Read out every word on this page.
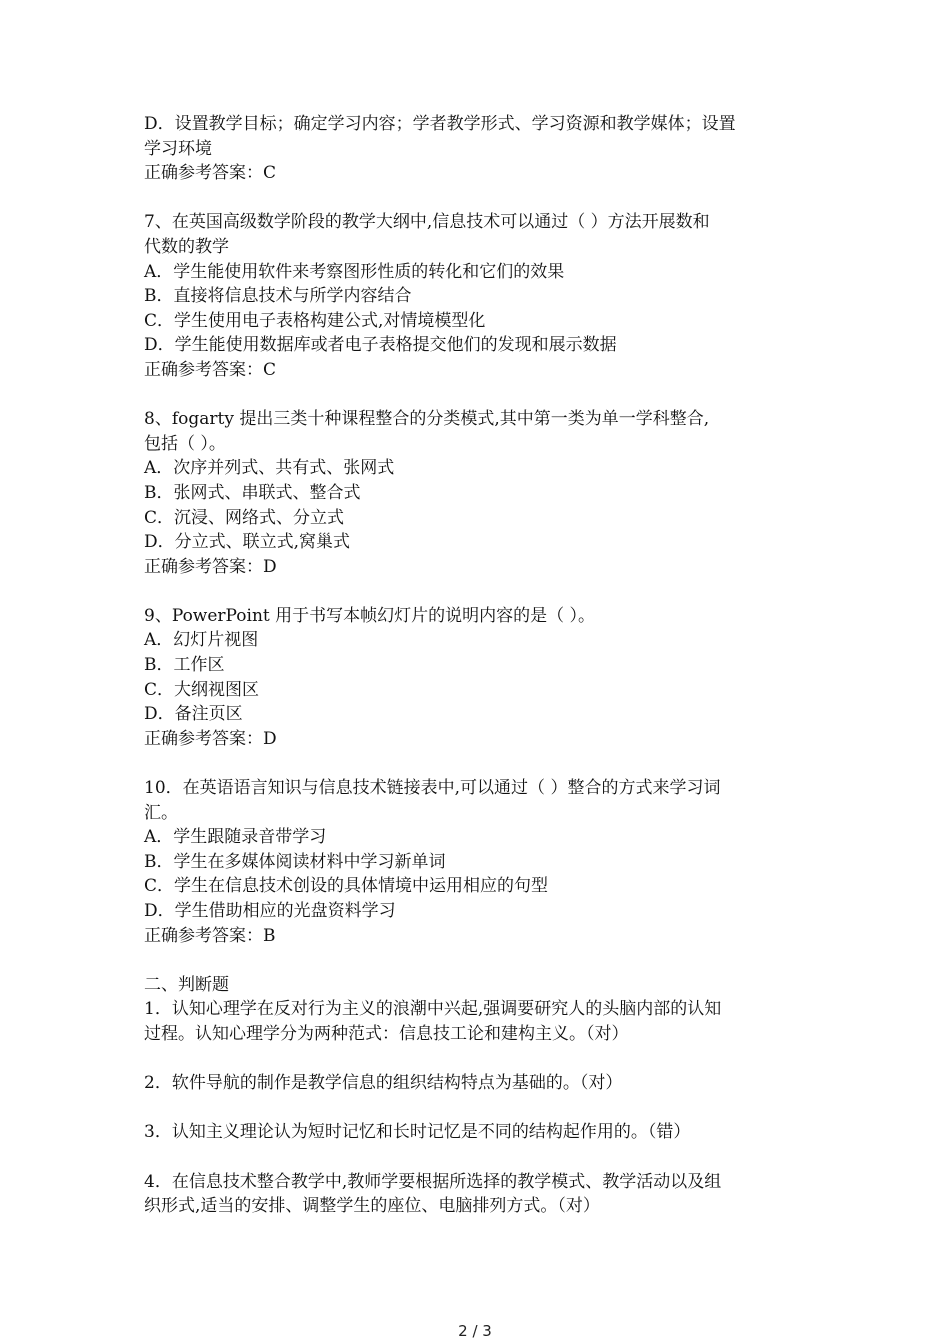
D．设置教学目标；确定学习内容；学者教学形式、学习资源和教学媒体；设置
学习环境
正确参考答案：C
7、在英国高级数学阶段的教学大纲中,信息技术可以通过（ ）方法开展数和
代数的教学
A．学生能使用软件来考察图形性质的转化和它们的效果
B．直接将信息技术与所学内容结合
C．学生使用电子表格构建公式,对情境模型化
D．学生能使用数据库或者电子表格提交他们的发现和展示数据
正确参考答案：C
8、fogarty 提出三类十种课程整合的分类模式,其中第一类为单一学科整合,
包括（ ）。
A．次序并列式、共有式、张网式
B．张网式、串联式、整合式
C．沉浸、网络式、分立式
D．分立式、联立式,窝巢式
正确参考答案：D
9、PowerPoint 用于书写本帧幻灯片的说明内容的是（ ）。
A．幻灯片视图
B．工作区
C．大纲视图区
D．备注页区
正确参考答案：D
10．在英语语言知识与信息技术链接表中,可以通过（ ）整合的方式来学习词
汇。
A．学生跟随录音带学习
B．学生在多媒体阅读材料中学习新单词
C．学生在信息技术创设的具体情境中运用相应的句型
D．学生借助相应的光盘资料学习
正确参考答案：B
二、判断题
1．认知心理学在反对行为主义的浪潮中兴起,强调要研究人的头脑内部的认知
过程。认知心理学分为两种范式：信息技工论和建构主义。（对）
2．软件导航的制作是教学信息的组织结构特点为基础的。（对）
3．认知主义理论认为短时记忆和长时记忆是不同的结构起作用的。（错）
4．在信息技术整合教学中,教师学要根据所选择的教学模式、教学活动以及组
织形式,适当的安排、调整学生的座位、电脑排列方式。（对）
2 / 3
